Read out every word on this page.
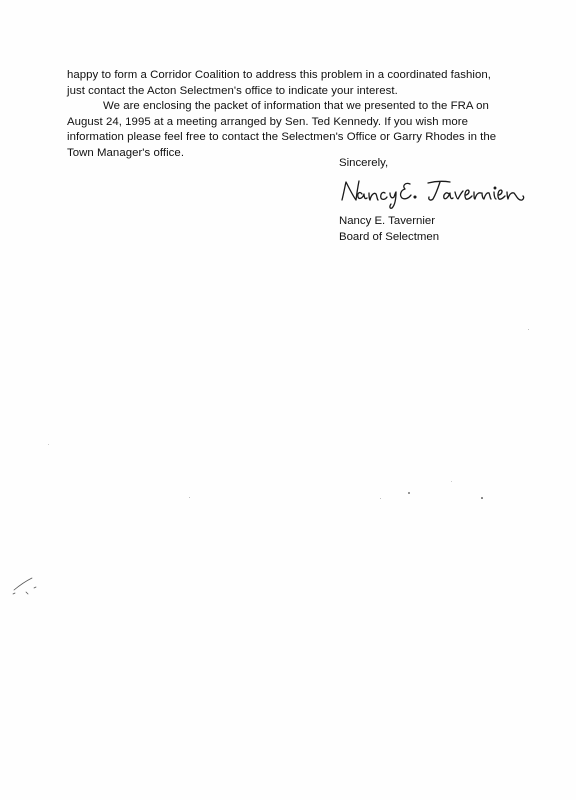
happy to form a Corridor Coalition to address this problem in a coordinated fashion,
just contact the Acton Selectmen's office to indicate your interest.
We are enclosing the packet of information that we presented to the FRA on
August 24, 1995 at a meeting arranged by Sen. Ted Kennedy. If you wish more
information please feel free to contact the Selectmen's Office or Garry Rhodes in the
Town Manager's office.
Sincerely,
Nancy E. Tavernier
Board of Selectmen
